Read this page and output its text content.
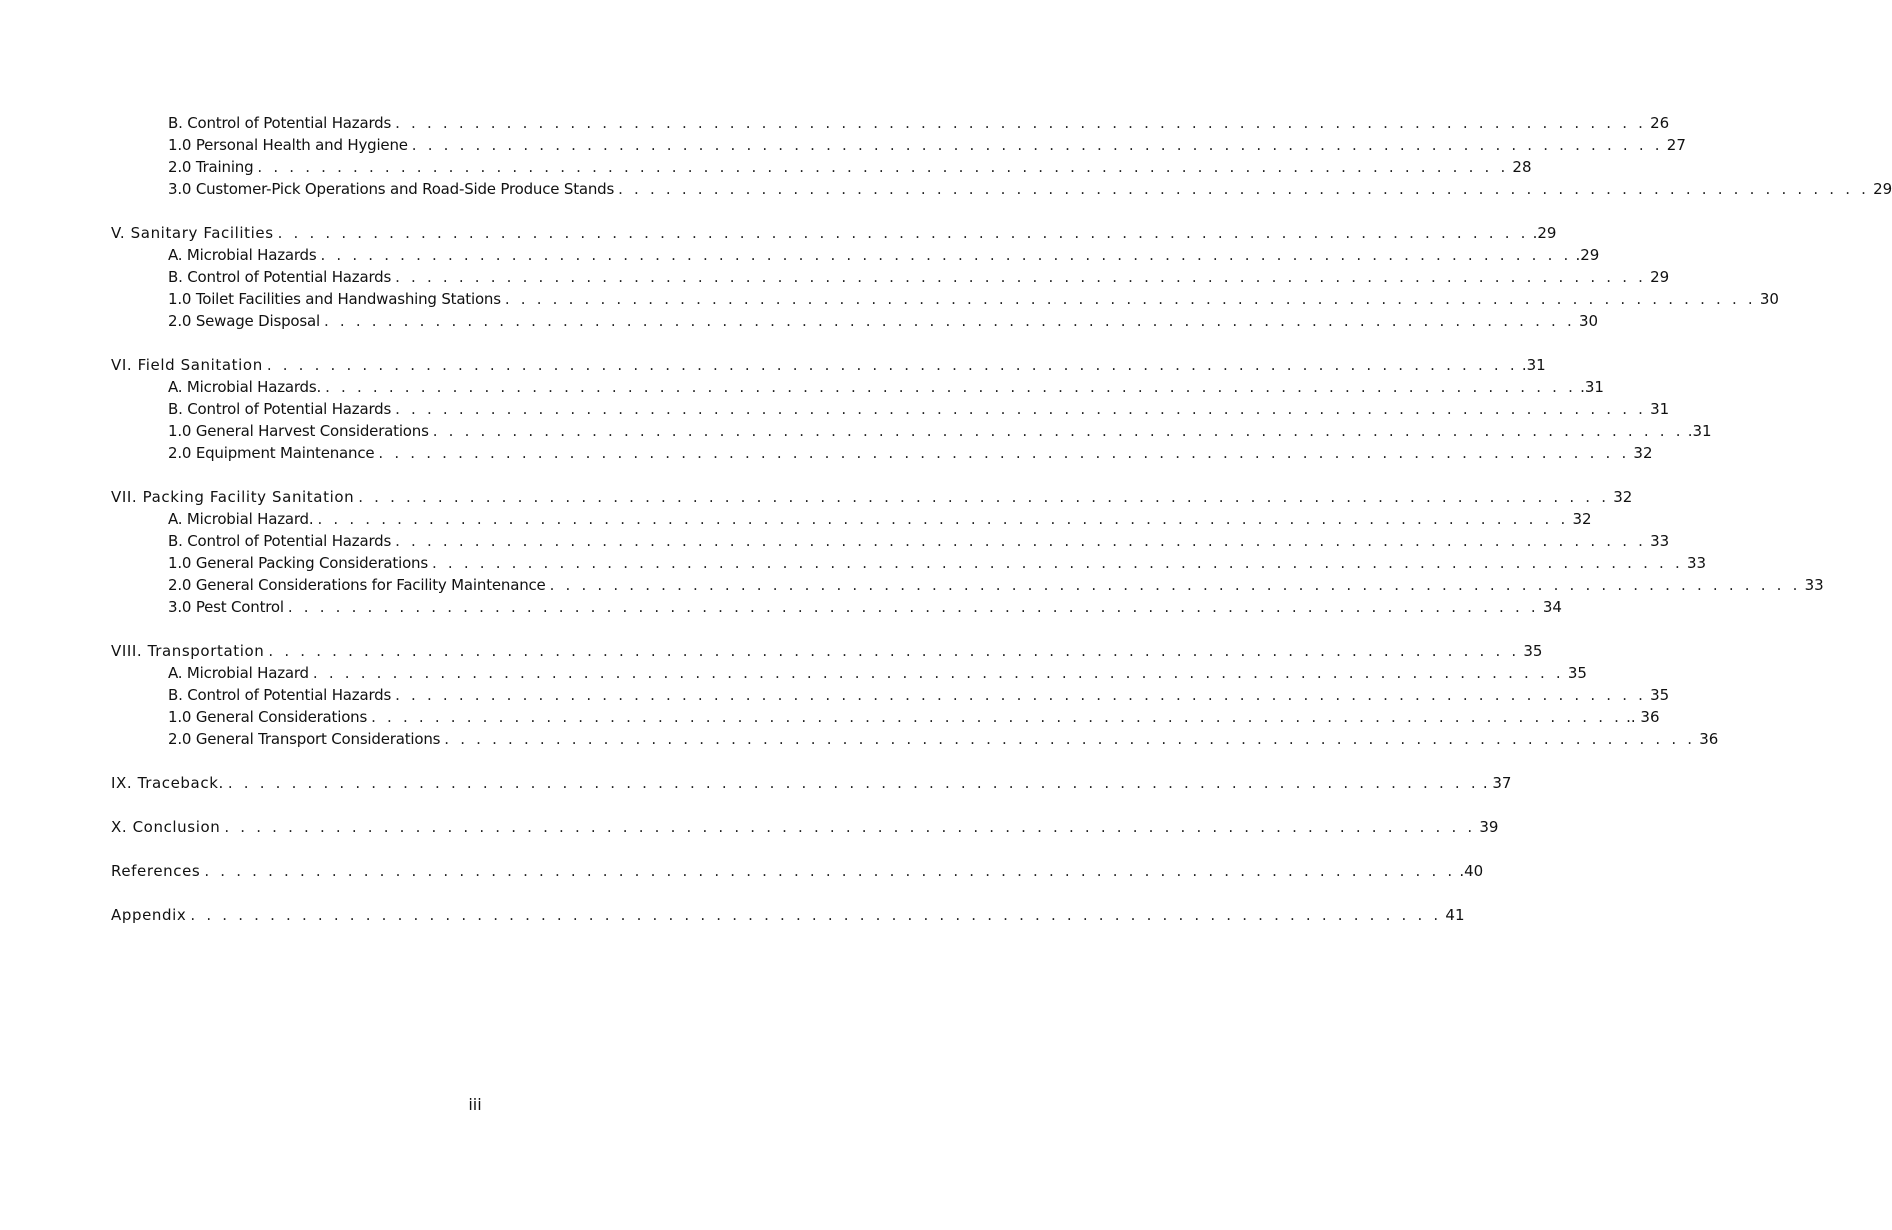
B. Control of Potential Hazards . . . . . . . . . . . . . . . . . . . . . . . . . . . . . . . . . . . . . . . . . . . . . . . . . . . . . . . . . . . . . . . . . . . . . . . . . . . . . . . 26
1.0 Personal Health and Hygiene . . . . . . . . . . . . . . . . . . . . . . . . . . . . . . . . . . . . . . . . . . . . . . . . . . . . . . . . . . . . . . . . . . . . . . . . . . . . . . . 27
2.0 Training . . . . . . . . . . . . . . . . . . . . . . . . . . . . . . . . . . . . . . . . . . . . . . . . . . . . . . . . . . . . . . . . . . . . . . . . . . . . . . . 28
3.0 Customer-Pick Operations and Road-Side Produce Stands . . . . . . . . . . . . . . . . . . . . . . . . . . . . . . . . . . . . . . . . . . . . . . . . . . . . . . . . . . . . . . . . . . . . . . . . . . . . . . . 29
V. Sanitary Facilities . . . . . . . . . . . . . . . . . . . . . . . . . . . . . . . . . . . . . . . . . . . . . . . . . . . . . . . . . . . . . . . . . . . . . . . . . . . . . . . .29
A. Microbial Hazards . . . . . . . . . . . . . . . . . . . . . . . . . . . . . . . . . . . . . . . . . . . . . . . . . . . . . . . . . . . . . . . . . . . . . . . . . . . . . . . .29
B. Control of Potential Hazards . . . . . . . . . . . . . . . . . . . . . . . . . . . . . . . . . . . . . . . . . . . . . . . . . . . . . . . . . . . . . . . . . . . . . . . . . . . . . . . 29
1.0 Toilet Facilities and Handwashing Stations . . . . . . . . . . . . . . . . . . . . . . . . . . . . . . . . . . . . . . . . . . . . . . . . . . . . . . . . . . . . . . . . . . . . . . . . . . . . . . . 30
2.0 Sewage Disposal . . . . . . . . . . . . . . . . . . . . . . . . . . . . . . . . . . . . . . . . . . . . . . . . . . . . . . . . . . . . . . . . . . . . . . . . . . . . . . . 30
VI. Field Sanitation . . . . . . . . . . . . . . . . . . . . . . . . . . . . . . . . . . . . . . . . . . . . . . . . . . . . . . . . . . . . . . . . . . . . . . . . . . . . . . . .31
A. Microbial Hazards. . . . . . . . . . . . . . . . . . . . . . . . . . . . . . . . . . . . . . . . . . . . . . . . . . . . . . . . . . . . . . . . . . . . . . . . . . . . . . . . .31
B. Control of Potential Hazards . . . . . . . . . . . . . . . . . . . . . . . . . . . . . . . . . . . . . . . . . . . . . . . . . . . . . . . . . . . . . . . . . . . . . . . . . . . . . . . 31
1.0 General Harvest Considerations . . . . . . . . . . . . . . . . . . . . . . . . . . . . . . . . . . . . . . . . . . . . . . . . . . . . . . . . . . . . . . . . . . . . . . . . . . . . . . . .31
2.0 Equipment Maintenance . . . . . . . . . . . . . . . . . . . . . . . . . . . . . . . . . . . . . . . . . . . . . . . . . . . . . . . . . . . . . . . . . . . . . . . . . . . . . . . 32
VII. Packing Facility Sanitation . . . . . . . . . . . . . . . . . . . . . . . . . . . . . . . . . . . . . . . . . . . . . . . . . . . . . . . . . . . . . . . . . . . . . . . . . . . . . . . 32
A. Microbial Hazard. . . . . . . . . . . . . . . . . . . . . . . . . . . . . . . . . . . . . . . . . . . . . . . . . . . . . . . . . . . . . . . . . . . . . . . . . . . . . . . . 32
B. Control of Potential Hazards . . . . . . . . . . . . . . . . . . . . . . . . . . . . . . . . . . . . . . . . . . . . . . . . . . . . . . . . . . . . . . . . . . . . . . . . . . . . . . . 33
1.0 General Packing Considerations . . . . . . . . . . . . . . . . . . . . . . . . . . . . . . . . . . . . . . . . . . . . . . . . . . . . . . . . . . . . . . . . . . . . . . . . . . . . . . . 33
2.0 General Considerations for Facility Maintenance . . . . . . . . . . . . . . . . . . . . . . . . . . . . . . . . . . . . . . . . . . . . . . . . . . . . . . . . . . . . . . . . . . . . . . . . . . . . . . . 33
3.0 Pest Control . . . . . . . . . . . . . . . . . . . . . . . . . . . . . . . . . . . . . . . . . . . . . . . . . . . . . . . . . . . . . . . . . . . . . . . . . . . . . . . 34
VIII. Transportation . . . . . . . . . . . . . . . . . . . . . . . . . . . . . . . . . . . . . . . . . . . . . . . . . . . . . . . . . . . . . . . . . . . . . . . . . . . . . . . 35
A. Microbial Hazard . . . . . . . . . . . . . . . . . . . . . . . . . . . . . . . . . . . . . . . . . . . . . . . . . . . . . . . . . . . . . . . . . . . . . . . . . . . . . . . 35
B. Control of Potential Hazards . . . . . . . . . . . . . . . . . . . . . . . . . . . . . . . . . . . . . . . . . . . . . . . . . . . . . . . . . . . . . . . . . . . . . . . . . . . . . . . 35
1.0 General Considerations . . . . . . . . . . . . . . . . . . . . . . . . . . . . . . . . . . . . . . . . . . . . . . . . . . . . . . . . . . . . . . . . . . . . . . . . . . . . . . . .. 36
2.0 General Transport Considerations . . . . . . . . . . . . . . . . . . . . . . . . . . . . . . . . . . . . . . . . . . . . . . . . . . . . . . . . . . . . . . . . . . . . . . . . . . . . . . . 36
IX. Traceback. . . . . . . . . . . . . . . . . . . . . . . . . . . . . . . . . . . . . . . . . . . . . . . . . . . . . . . . . . . . . . . . . . . . . . . . . . . . . . . . . 37
X. Conclusion . . . . . . . . . . . . . . . . . . . . . . . . . . . . . . . . . . . . . . . . . . . . . . . . . . . . . . . . . . . . . . . . . . . . . . . . . . . . . . . 39
References . . . . . . . . . . . . . . . . . . . . . . . . . . . . . . . . . . . . . . . . . . . . . . . . . . . . . . . . . . . . . . . . . . . . . . . . . . . . . . . .40
Appendix . . . . . . . . . . . . . . . . . . . . . . . . . . . . . . . . . . . . . . . . . . . . . . . . . . . . . . . . . . . . . . . . . . . . . . . . . . . . . . . 41
iii
